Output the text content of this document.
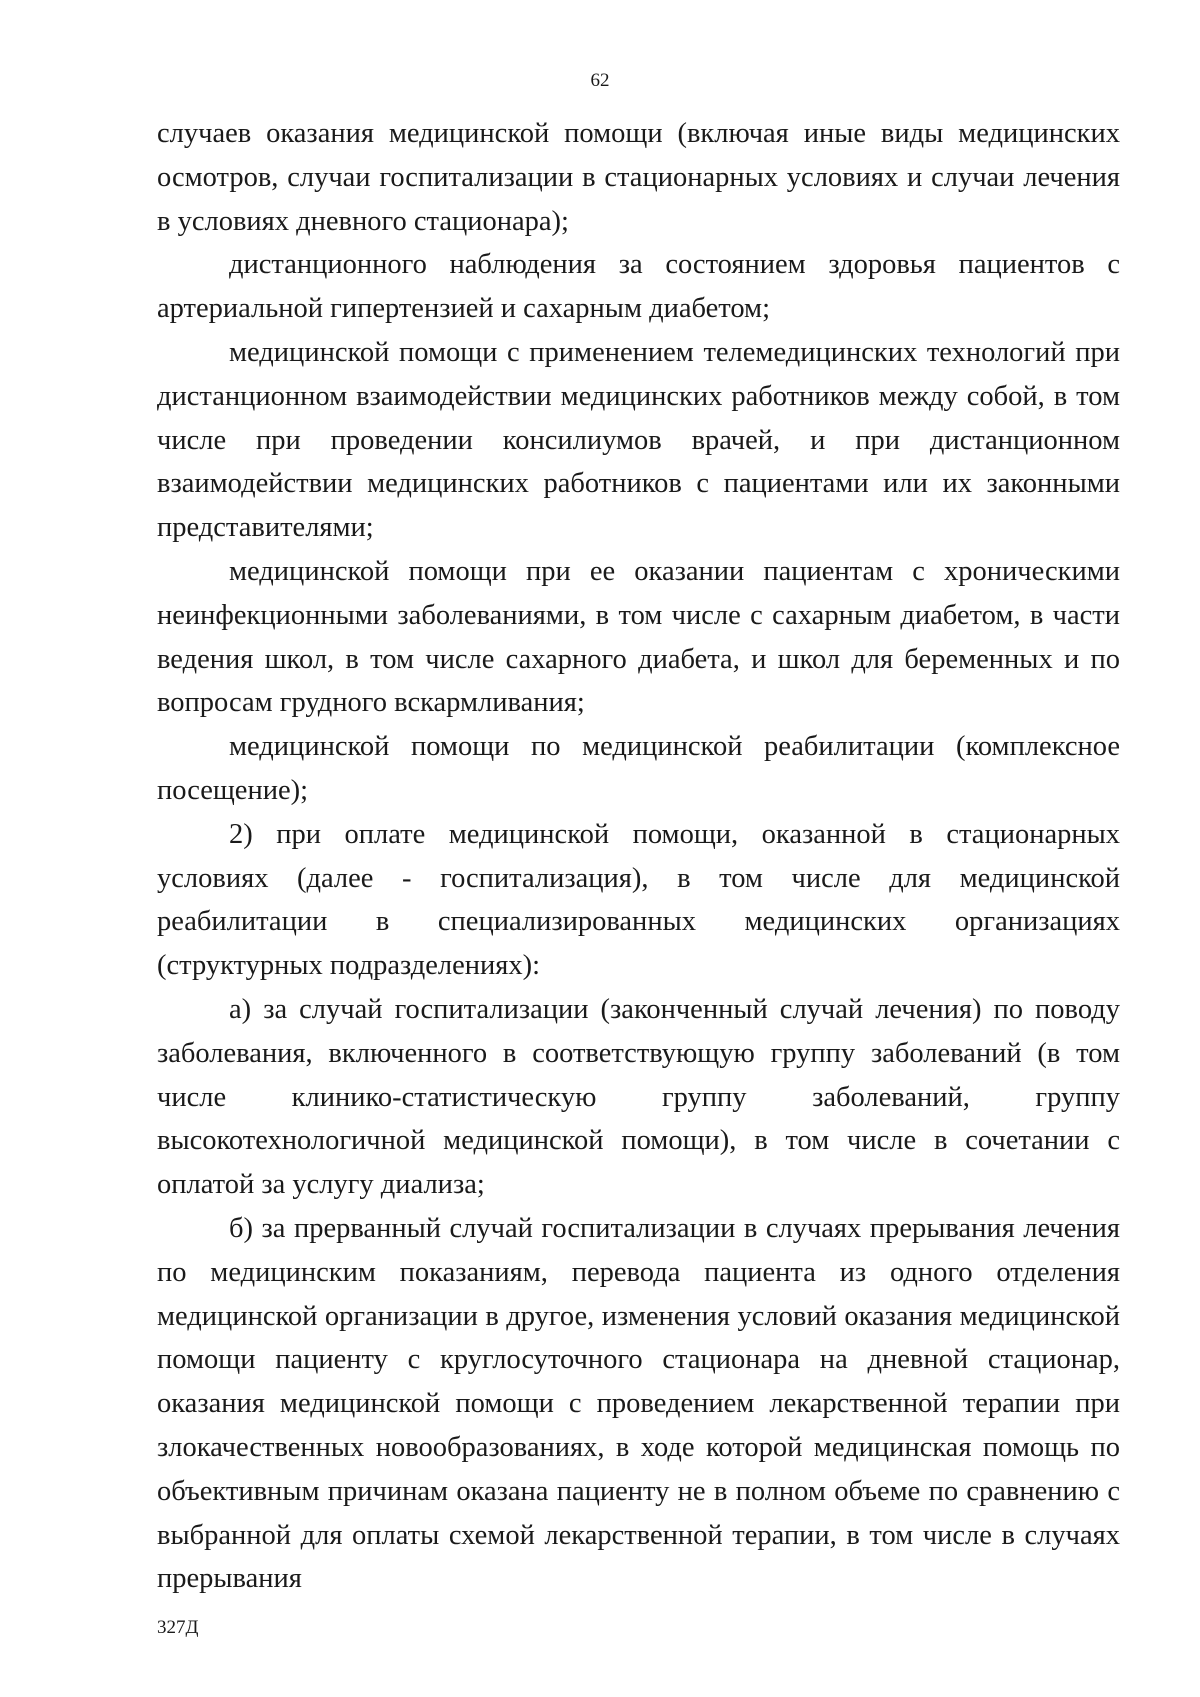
62

случаев оказания медицинской помощи (включая иные виды медицинских осмотров, случаи госпитализации в стационарных условиях и случаи лечения в условиях дневного стационара);

дистанционного наблюдения за состоянием здоровья пациентов с артериальной гипертензией и сахарным диабетом;

медицинской помощи с применением телемедицинских технологий при дистанционном взаимодействии медицинских работников между собой, в том числе при проведении консилиумов врачей, и при дистанционном взаимодействии медицинских работников с пациентами или их законными представителями;

медицинской помощи при ее оказании пациентам с хроническими неинфекционными заболеваниями, в том числе с сахарным диабетом, в части ведения школ, в том числе сахарного диабета, и школ для беременных и по вопросам грудного вскармливания;

медицинской помощи по медицинской реабилитации (комплексное посещение);

2) при оплате медицинской помощи, оказанной в стационарных условиях (далее - госпитализация), в том числе для медицинской реабилитации в специализированных медицинских организациях (структурных подразделениях):

а) за случай госпитализации (законченный случай лечения) по поводу заболевания, включенного в соответствующую группу заболеваний (в том числе клинико-статистическую группу заболеваний, группу высокотехнологичной медицинской помощи), в том числе в сочетании с оплатой за услугу диализа;

б) за прерванный случай госпитализации в случаях прерывания лечения по медицинским показаниям, перевода пациента из одного отделения медицинской организации в другое, изменения условий оказания медицинской помощи пациенту с круглосуточного стационара на дневной стационар, оказания медицинской помощи с проведением лекарственной терапии при злокачественных новообразованиях, в ходе которой медицинская помощь по объективным причинам оказана пациенту не в полном объеме по сравнению с выбранной для оплаты схемой лекарственной терапии, в том числе в случаях прерывания

327Д
